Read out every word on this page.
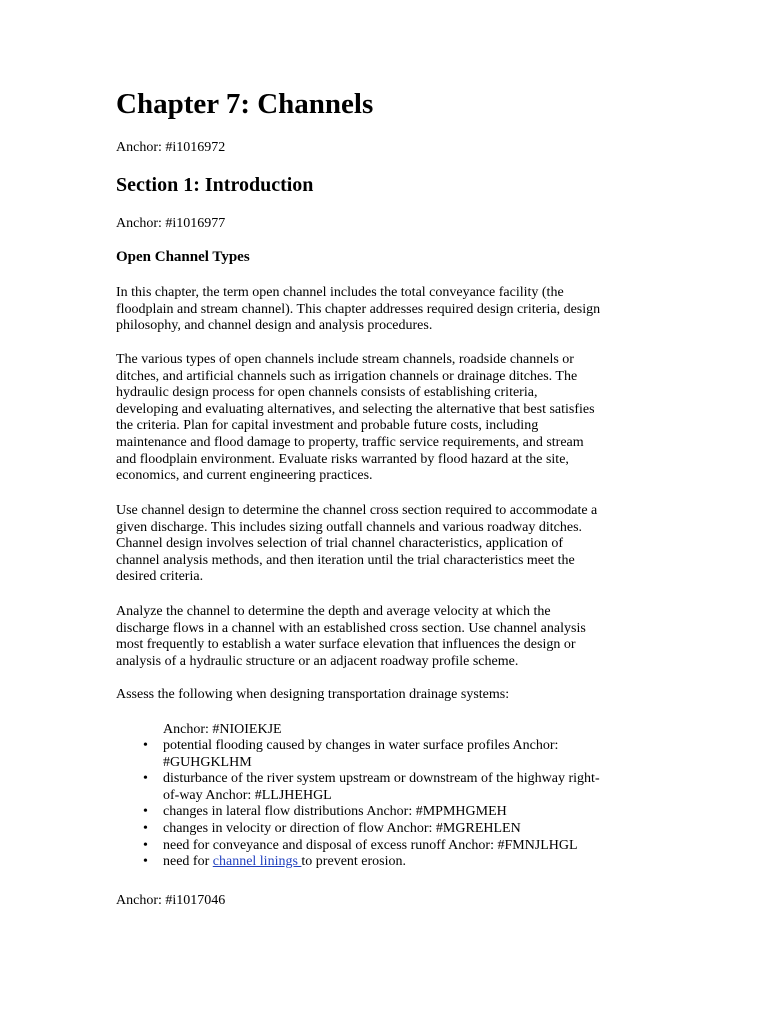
Chapter 7: Channels

Anchor: #i1016972

Section 1: Introduction

Anchor: #i1016977

Open Channel Types

In this chapter, the term open channel includes the total conveyance facility (the
floodplain and stream channel). This chapter addresses required design criteria, design
philosophy, and channel design and analysis procedures.

The various types of open channels include stream channels, roadside channels or
ditches, and artificial channels such as irrigation channels or drainage ditches. The
hydraulic design process for open channels consists of establishing criteria,
developing and evaluating alternatives, and selecting the alternative that best satisfies
the criteria. Plan for capital investment and probable future costs, including
maintenance and flood damage to property, traffic service requirements, and stream
and floodplain environment. Evaluate risks warranted by flood hazard at the site,
economics, and current engineering practices.

Use channel design to determine the channel cross section required to accommodate a
given discharge. This includes sizing outfall channels and various roadway ditches.
Channel design involves selection of trial channel characteristics, application of
channel analysis methods, and then iteration until the trial characteristics meet the
desired criteria.

Analyze the channel to determine the depth and average velocity at which the
discharge flows in a channel with an established cross section. Use channel analysis
most frequently to establish a water surface elevation that influences the design or
analysis of a hydraulic structure or an adjacent roadway profile scheme.

Assess the following when designing transportation drainage systems:

Anchor: #NIOIEKJE

• potential flooding caused by changes in water surface profiles Anchor:
#GUHGKLHM
• disturbance of the river system upstream or downstream of the highway right-
of-way Anchor: #LLJHEHGL
• changes in lateral flow distributions Anchor: #MPMHGMEH
• changes in velocity or direction of flow Anchor: #MGREHLEN
• need for conveyance and disposal of excess runoff Anchor: #FMNJLHGL
• need for channel linings to prevent erosion.

Anchor: #i1017046
